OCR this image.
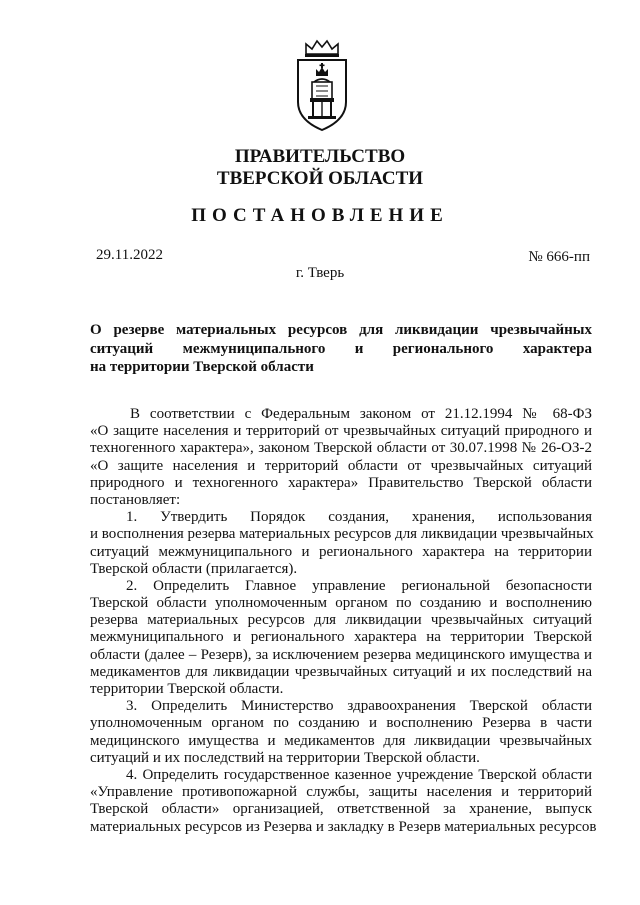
ПРАВИТЕЛЬСТВО
ТВЕРСКОЙ ОБЛАСТИ
ПОСТАНОВЛЕНИЕ
29.11.2022	№ 666-пп
г. Тверь
О резерве материальных ресурсов для ликвидации чрезвычайных
ситуаций межмуниципального и регионального характера
на территории Тверской области
В соответствии с Федеральным законом от 21.12.1994 № 68-ФЗ
«О защите населения и территорий от чрезвычайных ситуаций природного и
техногенного характера», законом Тверской области от 30.07.1998 № 26-ОЗ-2
«О защите населения и территорий области от чрезвычайных ситуаций
природного и техногенного характера» Правительство Тверской области
постановляет:
1. Утвердить Порядок создания, хранения, использования
и восполнения резерва материальных ресурсов для ликвидации чрезвычайных
ситуаций межмуниципального и регионального характера на территории
Тверской области (прилагается).
2. Определить Главное управление региональной безопасности
Тверской области уполномоченным органом по созданию и восполнению
резерва материальных ресурсов для ликвидации чрезвычайных ситуаций
межмуниципального и регионального характера на территории Тверской
области (далее – Резерв), за исключением резерва медицинского имущества и
медикаментов для ликвидации чрезвычайных ситуаций и их последствий на
территории Тверской области.
3. Определить Министерство здравоохранения Тверской области
уполномоченным органом по созданию и восполнению Резерва в части
медицинского имущества и медикаментов для ликвидации чрезвычайных
ситуаций и их последствий на территории Тверской области.
4. Определить государственное казенное учреждение Тверской области
«Управление противопожарной службы, защиты населения и территорий
Тверской области» организацией, ответственной за хранение, выпуск
материальных ресурсов из Резерва и закладку в Резерв материальных ресурсов
